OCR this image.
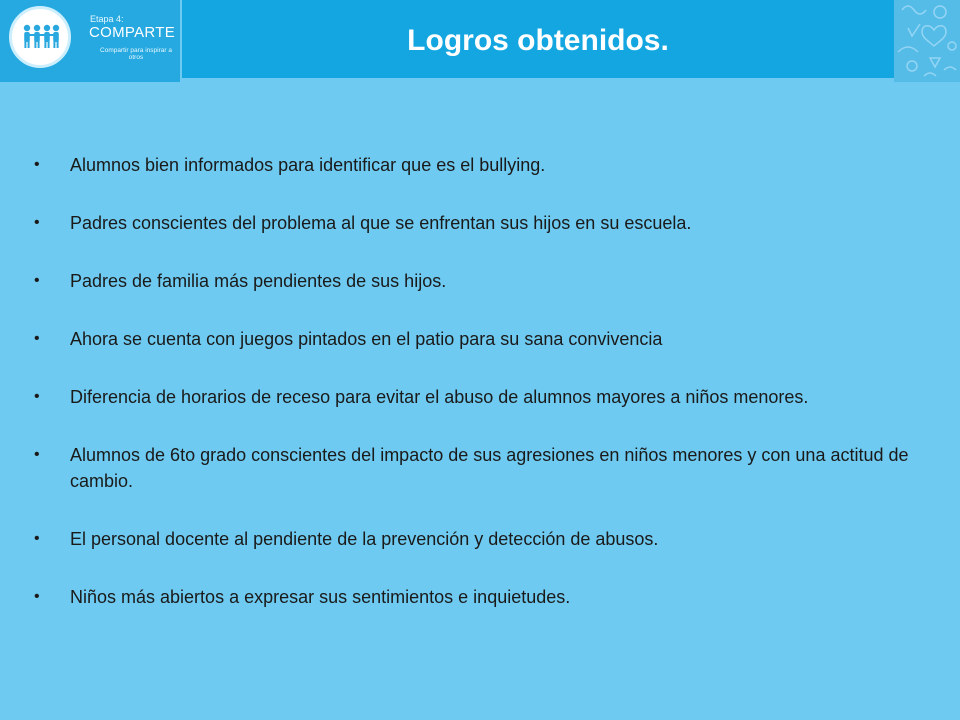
Etapa 4:
COMPARTE
Compartir para inspirar a otros
Logros obtenidos.
• Alumnos bien informados para identificar que es el bullying.
• Padres conscientes del problema al que se enfrentan sus hijos en su escuela.
• Padres de familia más pendientes de sus hijos.
• Ahora se cuenta con juegos pintados en el patio para su sana convivencia
• Diferencia de horarios de receso para evitar el abuso de alumnos mayores a niños menores.
• Alumnos de 6to grado conscientes del impacto de sus agresiones en niños menores y con una actitud de cambio.
• El personal docente al pendiente de la prevención y detección de abusos.
• Niños más abiertos a expresar sus sentimientos e inquietudes.
